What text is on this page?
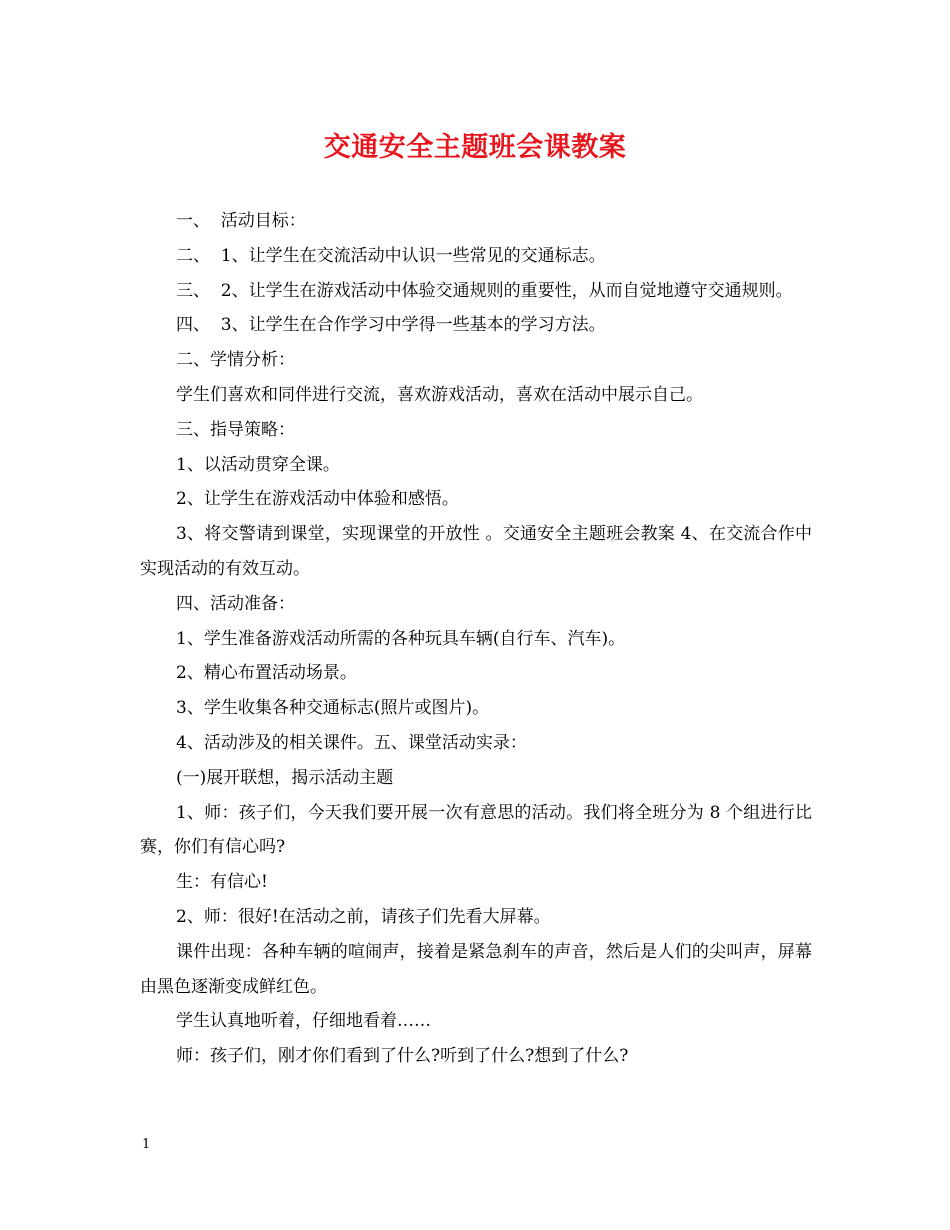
交通安全主题班会课教案

一、  活动目标：

二、  1、让学生在交流活动中认识一些常见的交通标志。

三、  2、让学生在游戏活动中体验交通规则的重要性，从而自觉地遵守交通规则。

四、  3、让学生在合作学习中学得一些基本的学习方法。

二、学情分析：

学生们喜欢和同伴进行交流，喜欢游戏活动，喜欢在活动中展示自己。

三、指导策略：

1、以活动贯穿全课。

2、让学生在游戏活动中体验和感悟。

3、将交警请到课堂，实现课堂的开放性 。交通安全主题班会教案 4、在交流合作中实现活动的有效互动。

四、活动准备：

1、学生准备游戏活动所需的各种玩具车辆(自行车、汽车)。

2、精心布置活动场景。

3、学生收集各种交通标志(照片或图片)。

4、活动涉及的相关课件。五、课堂活动实录：

(一)展开联想，揭示活动主题

1、师：孩子们，今天我们要开展一次有意思的活动。我们将全班分为 8 个组进行比赛，你们有信心吗?

生：有信心!

2、师：很好!在活动之前，请孩子们先看大屏幕。

课件出现：各种车辆的喧闹声，接着是紧急刹车的声音，然后是人们的尖叫声，屏幕由黑色逐渐变成鲜红色。

学生认真地听着，仔细地看着……

师：孩子们，刚才你们看到了什么?听到了什么?想到了什么?

1
